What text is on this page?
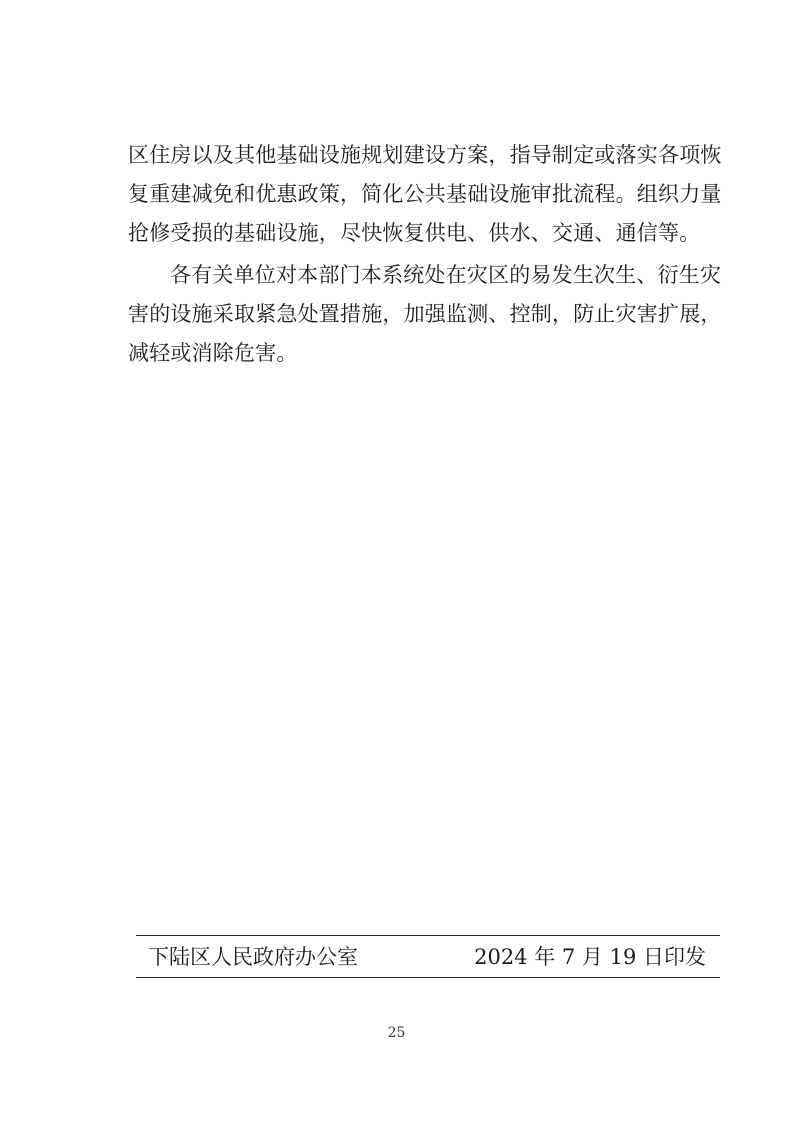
区住房以及其他基础设施规划建设方案，指导制定或落实各项恢
复重建减免和优惠政策，简化公共基础设施审批流程。组织力量
抢修受损的基础设施，尽快恢复供电、供水、交通、通信等。
各有关单位对本部门本系统处在灾区的易发生次生、衍生灾
害的设施采取紧急处置措施，加强监测、控制，防止灾害扩展，
减轻或消除危害。
下陆区人民政府办公室	2024 年 7 月 19 日印发
25
